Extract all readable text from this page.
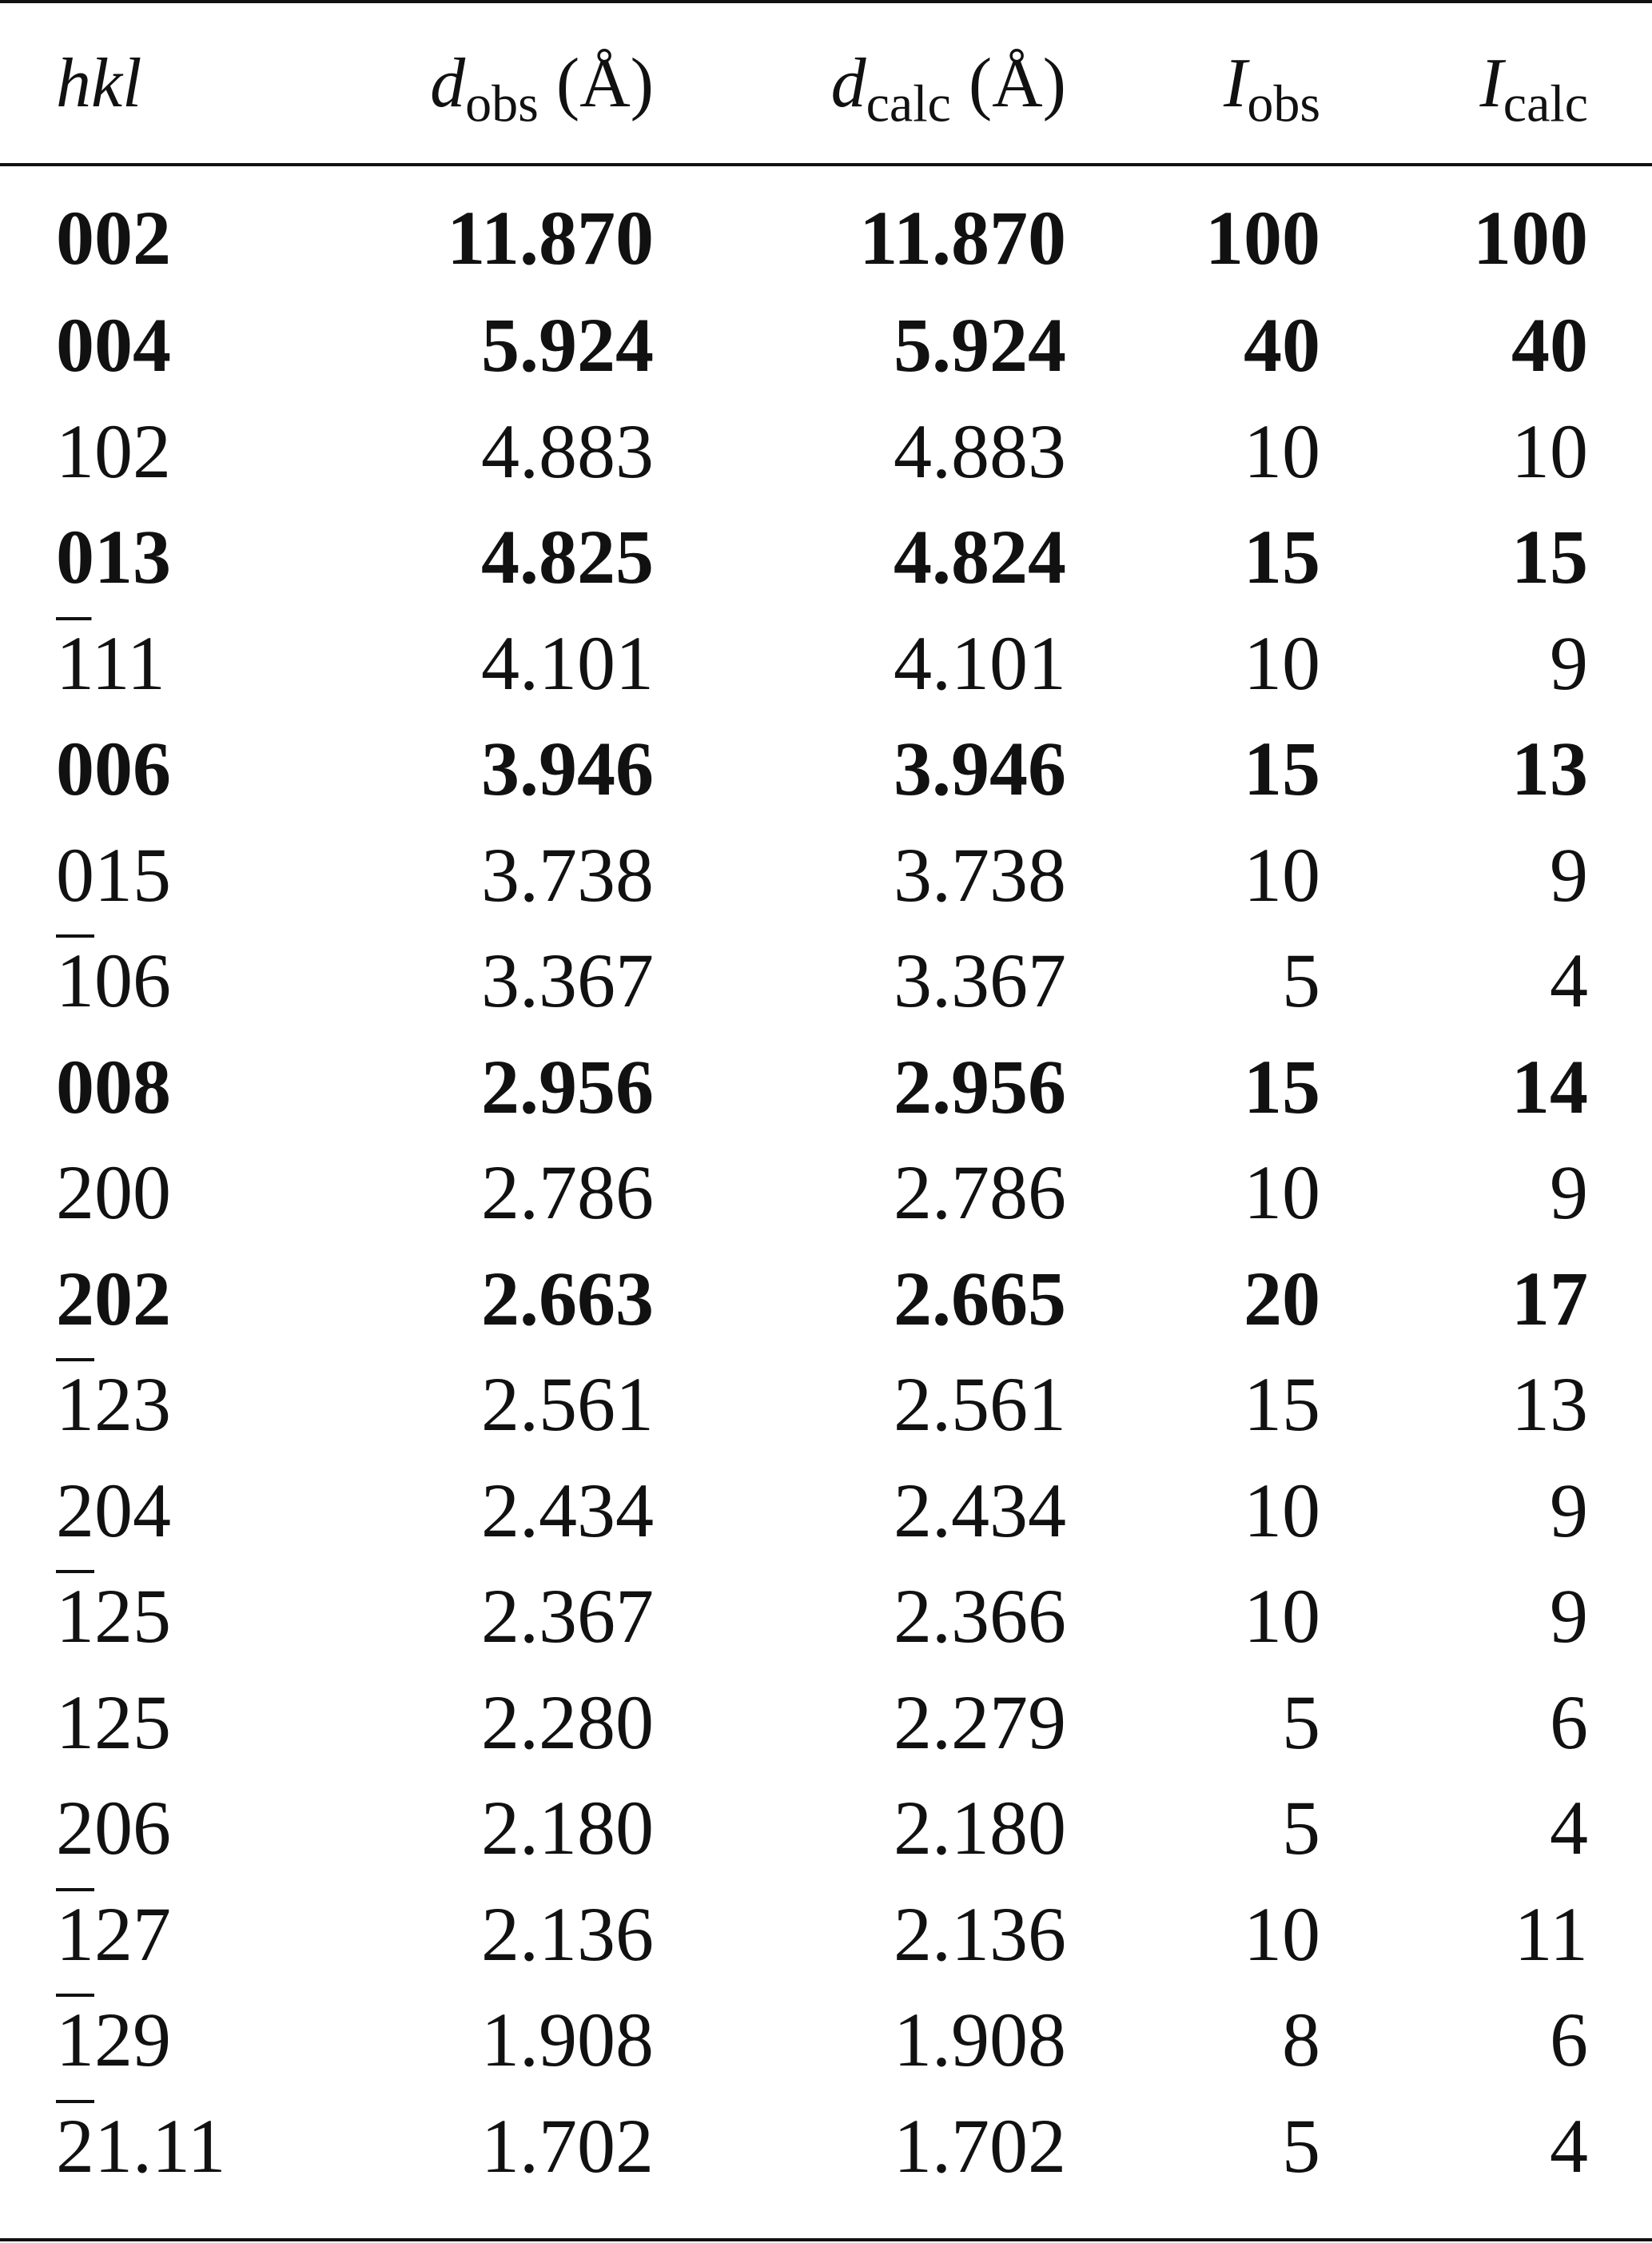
hkl	$d_{obs}$ (Å)	$d_{calc}$ (Å)	$I_{obs}$	$I_{calc}$
002	11.870	11.870	100	100
004	5.924	5.924	40	40
102	4.883	4.883	10	10
013	4.825	4.824	15	15
111	4.101	4.101	10	9
006	3.946	3.946	15	13
015	3.738	3.738	10	9
106	3.367	3.367	5	4
008	2.956	2.956	15	14
200	2.786	2.786	10	9
202	2.663	2.665	20	17
123	2.561	2.561	15	13
204	2.434	2.434	10	9
125	2.367	2.366	10	9
125	2.280	2.279	5	6
206	2.180	2.180	5	4
127	2.136	2.136	10	11
129	1.908	1.908	8	6
21.11	1.702	1.702	5	4
